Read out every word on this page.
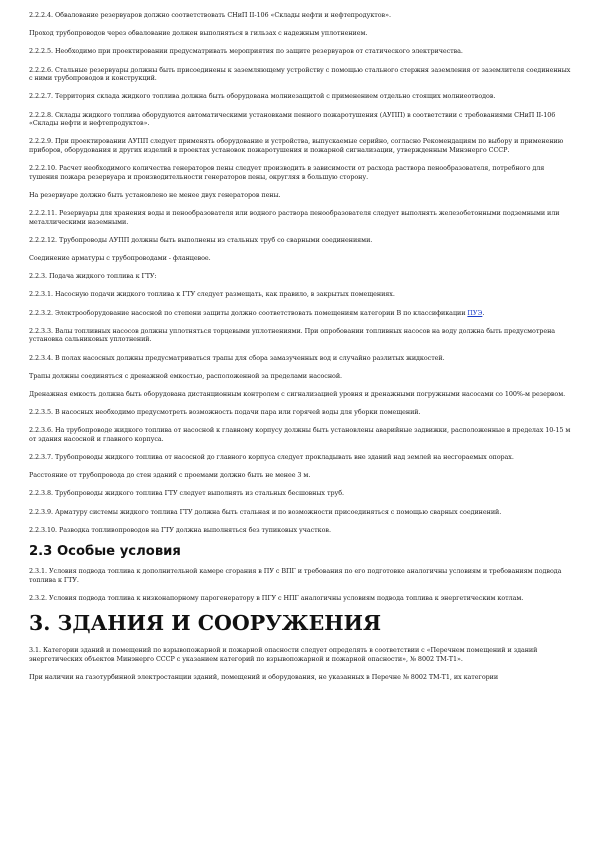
2.2.2.4. Обвалование резервуаров должно соответствовать СНиП II-106 «Склады нефти и нефтепродуктов».

Проход трубопроводов через обвалование должен выполняться в гильзах с надежным уплотнением.

2.2.2.5. Необходимо при проектировании предусматривать мероприятия по защите резервуаров от статического электричества.

2.2.2.6. Стальные резервуары должны быть присоединены к заземляющему устройству с помощью стального стержня заземления от заземлителя соединенных с ними трубопроводов и конструкций.

2.2.2.7. Территория склада жидкого топлива должна быть оборудована молниезащитой с применением отдельно стоящих молниеотводов.

2.2.2.8. Склады жидкого топлива оборудуются автоматическими установками пенного пожаротушения (АУПП) в соответствии с требованиями СНиП II-106 «Склады нефти и нефтепродуктов».

2.2.2.9. При проектировании АУПП следует применять оборудование и устройства, выпускаемые серийно, согласно Рекомендациям по выбору и применению приборов, оборудования и других изделий в проектах установок пожаротушения и пожарной сигнализации, утвержденным Минэнерго СССР.

2.2.2.10. Расчет необходимого количества генераторов пены следует производить в зависимости от расхода раствора пенообразователя, потребного для тушения пожара резервуара и производительности генераторов пены, округляя в большую сторону.

На резервуаре должно быть установлено не менее двух генераторов пены.

2.2.2.11. Резервуары для хранения воды и пенообразователя или водного раствора пенообразователя следует выполнять железобетонными подземными или металлическими наземными.

2.2.2.12. Трубопроводы АУПП должны быть выполнены из стальных труб со сварными соединениями.

Соединение арматуры с трубопроводами - фланцевое.

2.2.3. Подача жидкого топлива к ГТУ:

2.2.3.1. Насосную подачи жидкого топлива к ГТУ следует размещать, как правило, в закрытых помещениях.

2.2.3.2. Электрооборудование насосной по степени защиты должно соответствовать помещениям категории В по классификации ПУЭ.

2.2.3.3. Валы топливных насосов должны уплотняться торцевыми уплотнениями. При опробовании топливных насосов на воду должна быть предусмотрена установка сальниковых уплотнений.

2.2.3.4. В полах насосных должны предусматриваться трапы для сбора замазученных вод и случайно разлитых жидкостей.

Трапы должны соединяться с дренажной емкостью, расположенной за пределами насосной.

Дренажная емкость должна быть оборудована дистанционным контролем с сигнализацией уровня и дренажными погружными насосами со 100%-м резервом.

2.2.3.5. В насосных необходимо предусмотреть возможность подачи пара или горячей воды для уборки помещений.

2.2.3.6. На трубопроводе жидкого топлива от насосной к главному корпусу должны быть установлены аварийные задвижки, расположенные в пределах 10-15 м от здания насосной и главного корпуса.

2.2.3.7. Трубопроводы жидкого топлива от насосной до главного корпуса следует прокладывать вне зданий над землей на несгораемых опорах.

Расстояние от трубопровода до стен зданий с проемами должно быть не менее 3 м.

2.2.3.8. Трубопроводы жидкого топлива ГТУ следует выполнять из стальных бесшовных труб.

2.2.3.9. Арматуру системы жидкого топлива ГТУ должна быть стальная и по возможности присоединяться с помощью сварных соединений.

2.2.3.10. Разводка топливопроводов на ГТУ должна выполняться без тупиковых участков.

2.3 Особые условия

2.3.1. Условия подвода топлива к дополнительной камере сгорания в ПУ с ВПГ и требования по его подготовке аналогичны условиям и требованиям подвода топлива к ГТУ.

2.3.2. Условия подвода топлива к низконапорному парогенератору в ПГУ с НПГ аналогичны условиям подвода топлива к энергетическим котлам.

3. ЗДАНИЯ И СООРУЖЕНИЯ

3.1. Категории зданий и помещений по взрывопожарной и пожарной опасности следует определять в соответствии с «Перечнем помещений и зданий энергетических объектов Минэнерго СССР с указанием категорий по взрывопожарной и пожарной опасности», № 8002 ТМ-Т1».

При наличии на газотурбинной электростанции зданий, помещений и оборудования, не указанных в Перечне № 8002 ТМ-Т1, их категории
